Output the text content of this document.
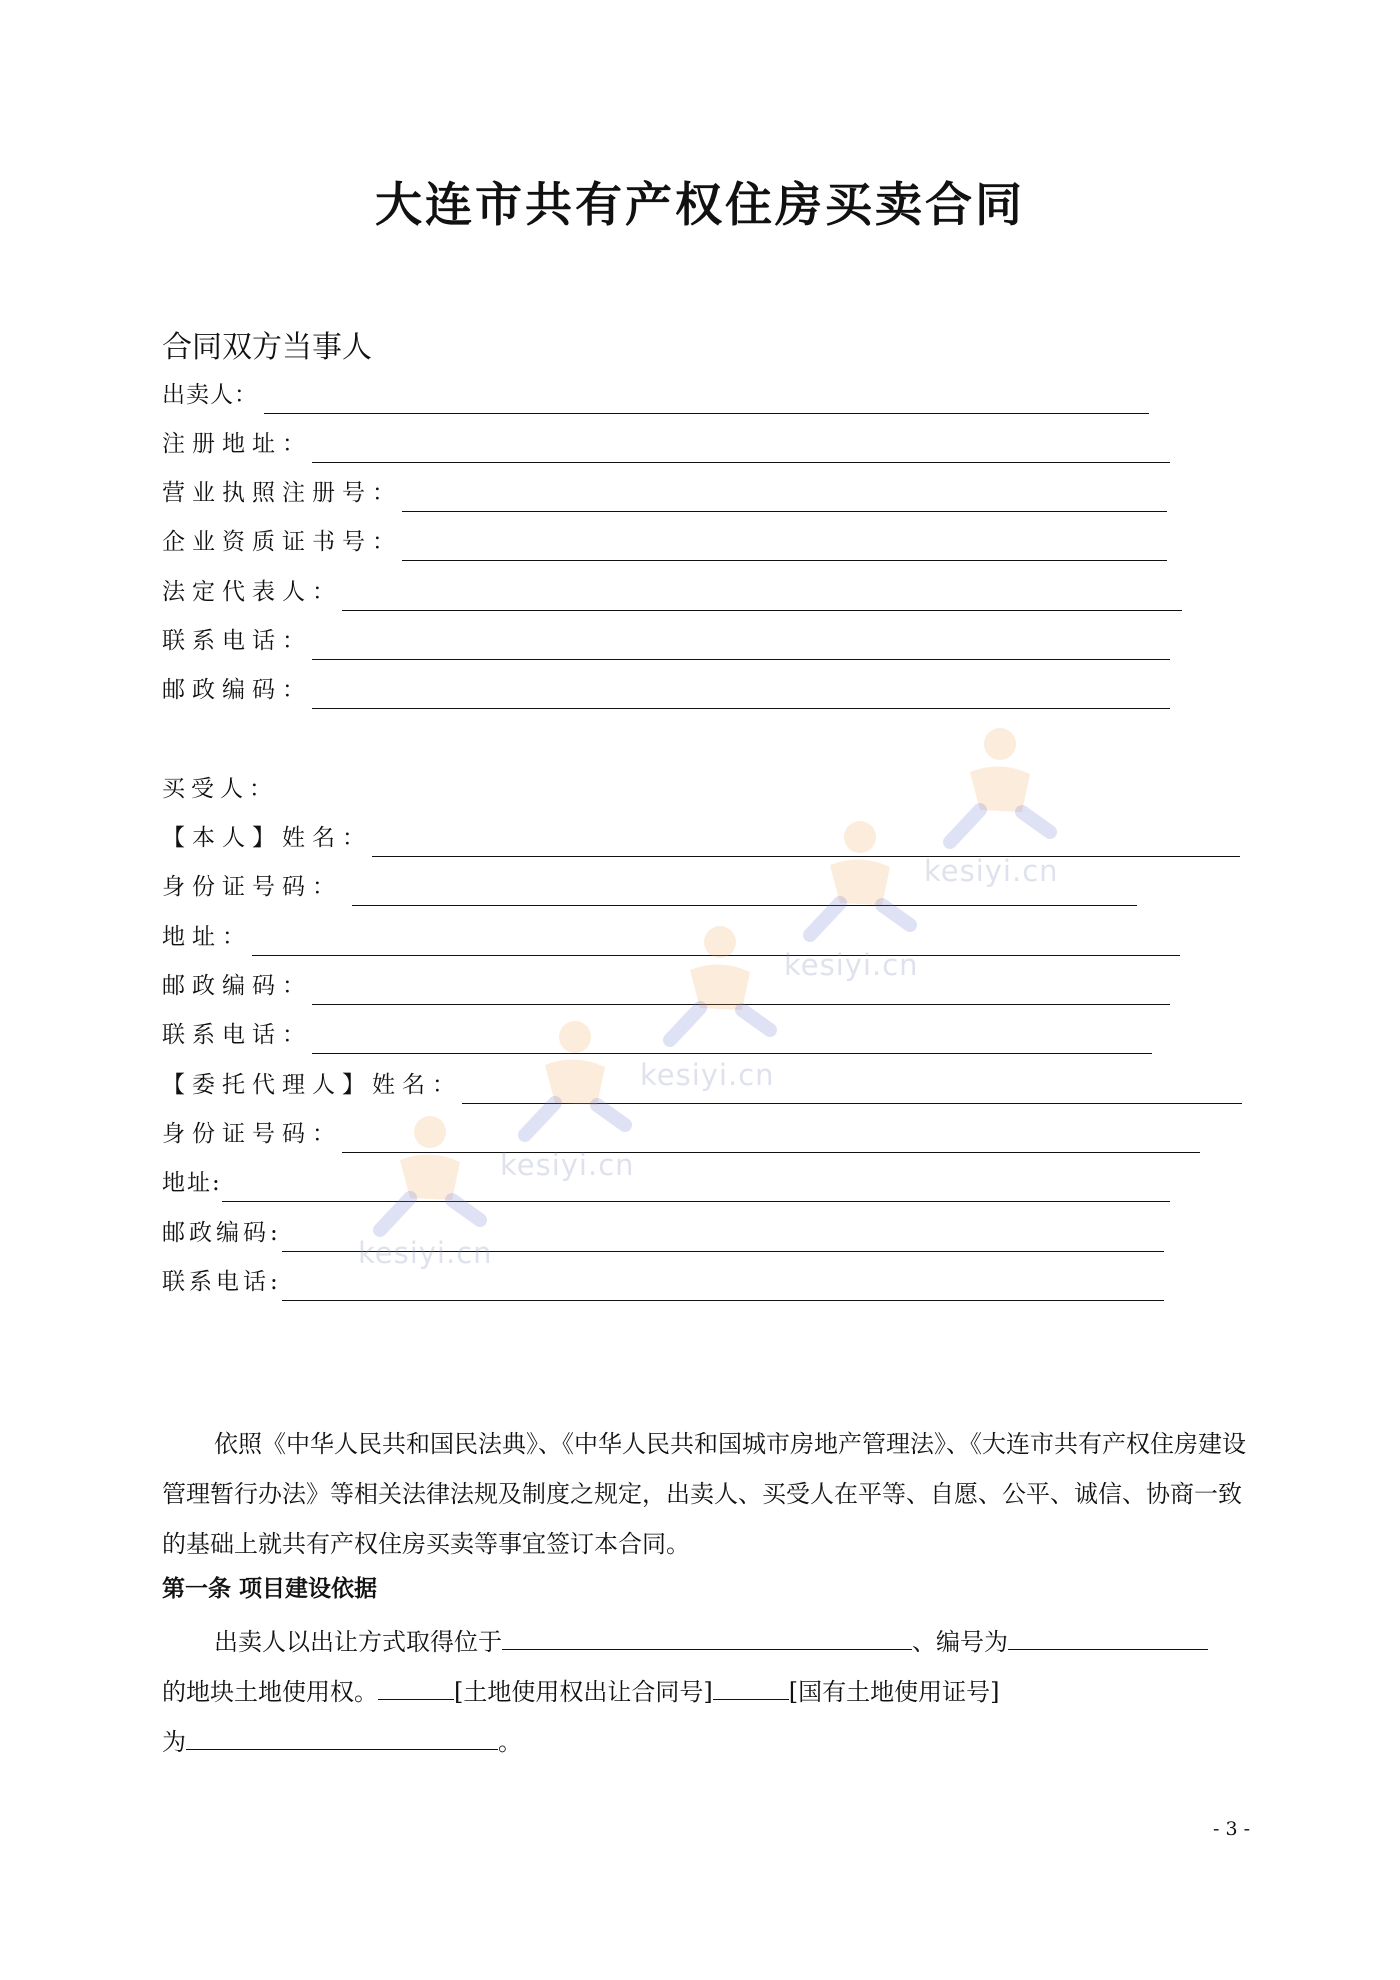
大连市共有产权住房买卖合同
合同双方当事人
出卖人：
注册地址：
营业执照注册号：
企业资质证书号：
法定代表人：
联系电话：
邮政编码：
买受人：
【本人】姓名：
身份证号码：
地址：
邮政编码：
联系电话：
【委托代理人】姓名：
身份证号码：
地址:
邮政编码:
联系电话:
依照《中华人民共和国民法典》、《中华人民共和国城市房地产管理法》、《大连市共有产权住房建设管理暂行办法》等相关法律法规及制度之规定，出卖人、买受人在平等、自愿、公平、诚信、协商一致的基础上就共有产权住房买卖等事宜签订本合同。
第一条 项目建设依据
出卖人以出让方式取得位于	、编号为
的地块土地使用权。	[土地使用权出让合同号]	[国有土地使用证号]
为	。
- 3 -
kesiyi.cn
kesiyi.cn
kesiyi.cn
kesiyi.cn
kesiyi.cn
